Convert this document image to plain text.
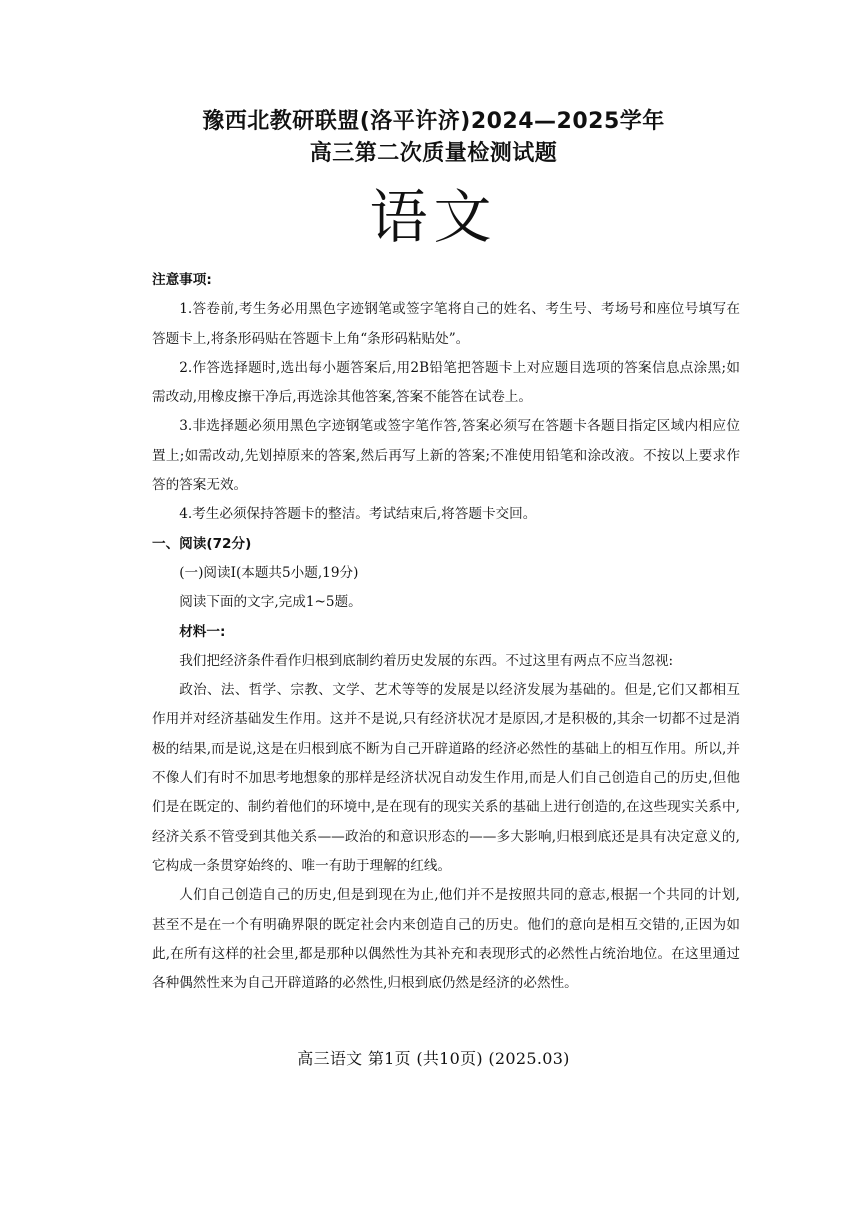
豫西北教研联盟(洛平许济)2024—2025学年
高三第二次质量检测试题
语文

注意事项:

1.答卷前,考生务必用黑色字迹钢笔或签字笔将自己的姓名、考生号、考场号和座位号填写在答题卡上,将条形码贴在答题卡上角“条形码粘贴处”。

2.作答选择题时,选出每小题答案后,用2B铅笔把答题卡上对应题目选项的答案信息点涂黑;如需改动,用橡皮擦干净后,再选涂其他答案,答案不能答在试卷上。

3.非选择题必须用黑色字迹钢笔或签字笔作答,答案必须写在答题卡各题目指定区域内相应位置上;如需改动,先划掉原来的答案,然后再写上新的答案;不准使用铅笔和涂改液。不按以上要求作答的答案无效。

4.考生必须保持答题卡的整洁。考试结束后,将答题卡交回。

一、阅读(72分)

(一)阅读Ⅰ(本题共5小题,19分)

阅读下面的文字,完成1~5题。

材料一:

我们把经济条件看作归根到底制约着历史发展的东西。不过这里有两点不应当忽视:

政治、法、哲学、宗教、文学、艺术等等的发展是以经济发展为基础的。但是,它们又都相互作用并对经济基础发生作用。这并不是说,只有经济状况才是原因,才是积极的,其余一切都不过是消极的结果,而是说,这是在归根到底不断为自己开辟道路的经济必然性的基础上的相互作用。所以,并不像人们有时不加思考地想象的那样是经济状况自动发生作用,而是人们自己创造自己的历史,但他们是在既定的、制约着他们的环境中,是在现有的现实关系的基础上进行创造的,在这些现实关系中,经济关系不管受到其他关系——政治的和意识形态的——多大影响,归根到底还是具有决定意义的,它构成一条贯穿始终的、唯一有助于理解的红线。

人们自己创造自己的历史,但是到现在为止,他们并不是按照共同的意志,根据一个共同的计划,甚至不是在一个有明确界限的既定社会内来创造自己的历史。他们的意向是相互交错的,正因为如此,在所有这样的社会里,都是那种以偶然性为其补充和表现形式的必然性占统治地位。在这里通过各种偶然性来为自己开辟道路的必然性,归根到底仍然是经济的必然性。

高三语文 第1页 (共10页) (2025.03)
